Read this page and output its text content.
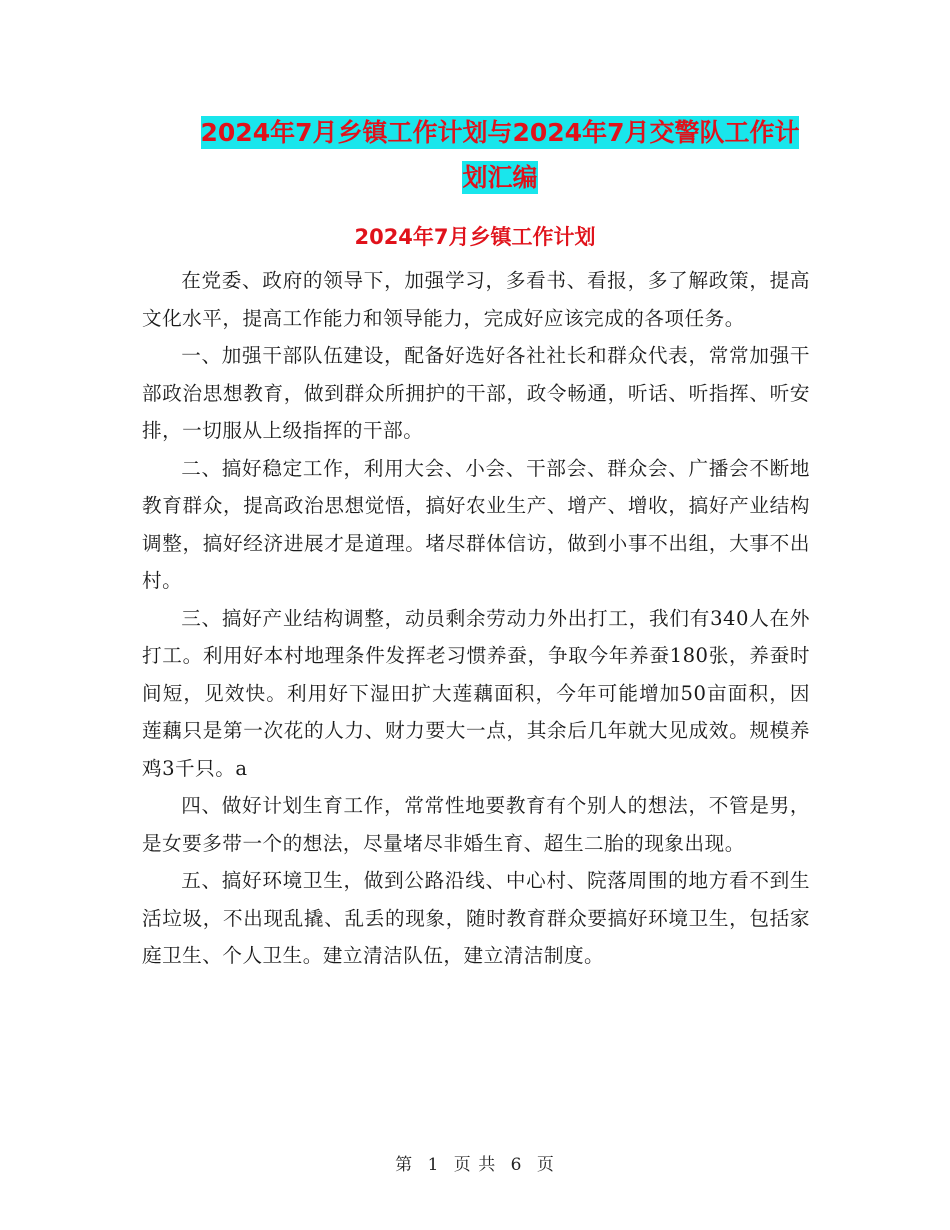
2024年7月乡镇工作计划与2024年7月交警队工作计
划汇编
2024年7月乡镇工作计划

在党委、政府的领导下，加强学习，多看书、看报，多了解政策，提高文化水平，提高工作能力和领导能力，完成好应该完成的各项任务。

一、加强干部队伍建设，配备好选好各社社长和群众代表，常常加强干部政治思想教育，做到群众所拥护的干部，政令畅通，听话、听指挥、听安排，一切服从上级指挥的干部。

二、搞好稳定工作，利用大会、小会、干部会、群众会、广播会不断地教育群众，提高政治思想觉悟，搞好农业生产、增产、增收，搞好产业结构调整，搞好经济进展才是道理。堵尽群体信访，做到小事不出组，大事不出村。

三、搞好产业结构调整，动员剩余劳动力外出打工，我们有340人在外打工。利用好本村地理条件发挥老习惯养蚕，争取今年养蚕180张，养蚕时间短，见效快。利用好下湿田扩大莲藕面积，今年可能增加50亩面积，因莲藕只是第一次花的人力、财力要大一点，其余后几年就大见成效。规模养鸡3千只。a

四、做好计划生育工作，常常性地要教育有个别人的想法，不管是男，是女要多带一个的想法，尽量堵尽非婚生育、超生二胎的现象出现。

五、搞好环境卫生，做到公路沿线、中心村、院落周围的地方看不到生活垃圾，不出现乱撬、乱丢的现象，随时教育群众要搞好环境卫生，包括家庭卫生、个人卫生。建立清洁队伍，建立清洁制度。

第 1 页 共 6 页
